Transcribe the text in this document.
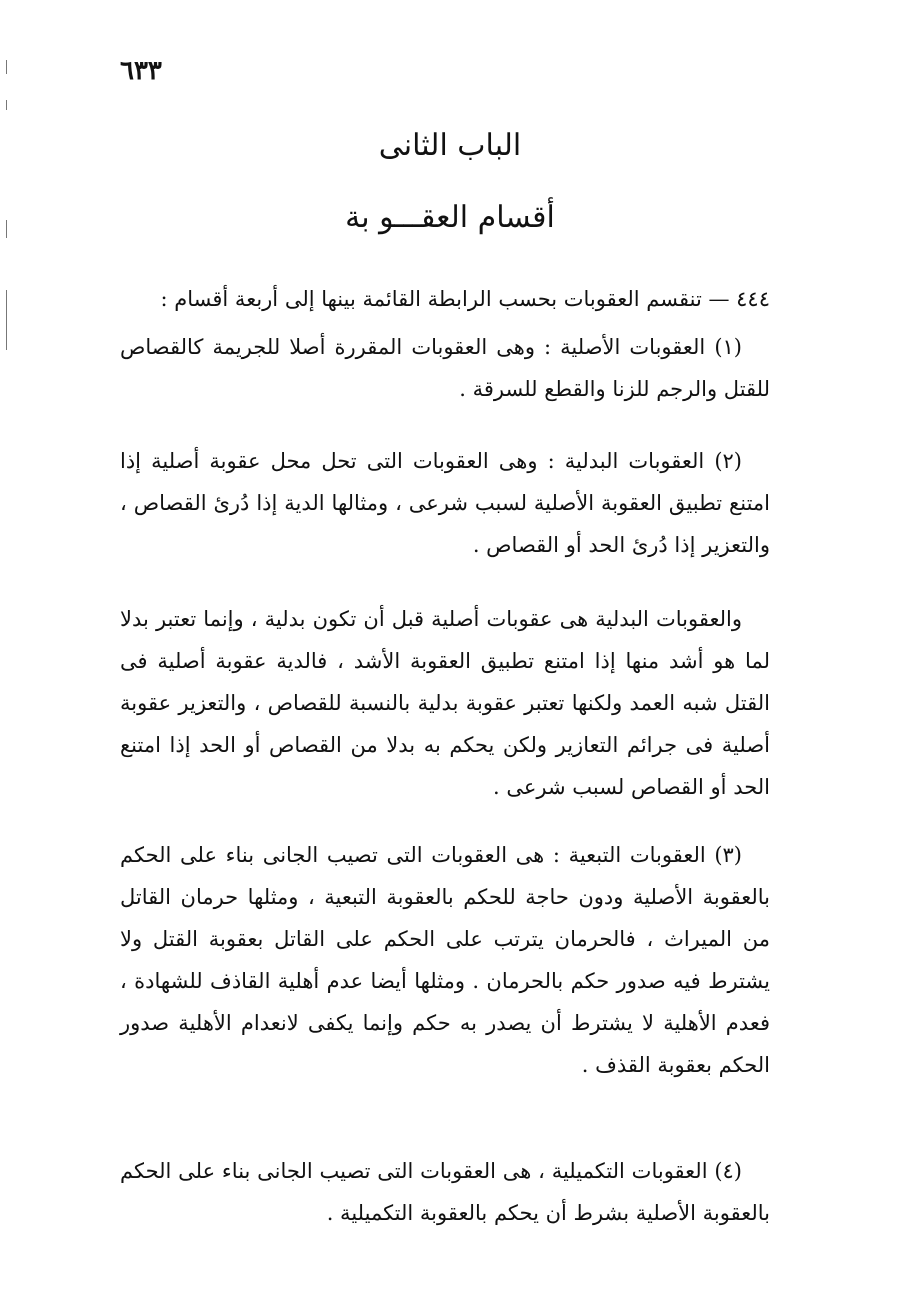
٦٣٣
الباب الثانى
أقسام العقـــو بة

٤٤٤ — تنقسم العقوبات بحسب الرابطة القائمة بينها إلى أربعة أقسام :

(١) العقوبات الأصلية : وهى العقوبات المقررة أصلا للجريمة كالقصاص للقتل والرجم للزنا والقطع للسرقة .

(٢) العقوبات البدلية : وهى العقوبات التى تحل محل عقوبة أصلية إذا امتنع تطبيق العقوبة الأصلية لسبب شرعى ، ومثالها الدية إذا دُرئ القصاص ، والتعزير إذا دُرئ الحد أو القصاص .

والعقوبات البدلية هى عقوبات أصلية قبل أن تكون بدلية ، وإنما تعتبر بدلا لما هو أشد منها إذا امتنع تطبيق العقوبة الأشد ، فالدية عقوبة أصلية فى القتل شبه العمد ولكنها تعتبر عقوبة بدلية بالنسبة للقصاص ، والتعزير عقوبة أصلية فى جرائم التعازير ولكن يحكم به بدلا من القصاص أو الحد إذا امتنع الحد أو القصاص لسبب شرعى .

(٣) العقوبات التبعية : هى العقوبات التى تصيب الجانى بناء على الحكم بالعقوبة الأصلية ودون حاجة للحكم بالعقوبة التبعية ، ومثلها حرمان القاتل من الميراث ، فالحرمان يترتب على الحكم على القاتل بعقوبة القتل ولا يشترط فيه صدور حكم بالحرمان . ومثلها أيضا عدم أهلية القاذف للشهادة ، فعدم الأهلية لا يشترط أن يصدر به حكم وإنما يكفى لانعدام الأهلية صدور الحكم بعقوبة القذف .

(٤) العقوبات التكميلية ، هى العقوبات التى تصيب الجانى بناء على الحكم بالعقوبة الأصلية بشرط أن يحكم بالعقوبة التكميلية .
